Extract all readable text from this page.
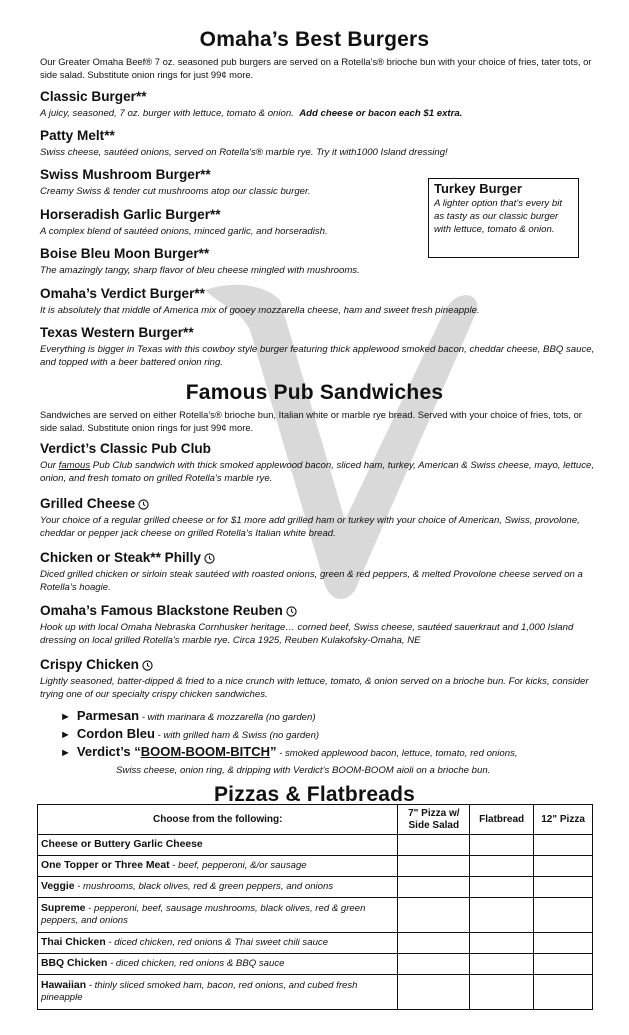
Omaha’s Best Burgers
Our Greater Omaha Beef® 7 oz. seasoned pub burgers are served on a Rotella’s® brioche bun with your choice of fries, tater tots, or side salad. Substitute onion rings for just 99¢ more.
Classic Burger**
A juicy, seasoned, 7 oz. burger with lettuce, tomato & onion. Add cheese or bacon each $1 extra.
Patty Melt**
Swiss cheese, sautéed onions, served on Rotella’s® marble rye. Try it with1000 Island dressing!
Swiss Mushroom Burger**
Creamy Swiss & tender cut mushrooms atop our classic burger.
Horseradish Garlic Burger**
A complex blend of sautéed onions, minced garlic, and horseradish.
Boise Bleu Moon Burger**
The amazingly tangy, sharp flavor of bleu cheese mingled with mushrooms.
Omaha’s Verdict Burger**
It is absolutely that middle of America mix of gooey mozzarella cheese, ham and sweet fresh pineapple.
Texas Western Burger**
Everything is bigger in Texas with this cowboy style burger featuring thick applewood smoked bacon, cheddar cheese, BBQ sauce, and topped with a beer battered onion ring.
Turkey Burger
A lighter option that’s every bit as tasty as our classic burger with lettuce, tomato & onion.
Famous Pub Sandwiches
Sandwiches are served on either Rotella’s® brioche bun, Italian white or marble rye bread. Served with your choice of fries, tots, or side salad. Substitute onion rings for just 99¢ more.
Verdict’s Classic Pub Club
Our famous Pub Club sandwich with thick smoked applewood bacon, sliced ham, turkey, American & Swiss cheese, mayo, lettuce, onion, and fresh tomato on grilled Rotella’s marble rye.
Grilled Cheese
Your choice of a regular grilled cheese or for $1 more add grilled ham or turkey with your choice of American, Swiss, provolone, cheddar or pepper jack cheese on grilled Rotella’s Italian white bread.
Chicken or Steak** Philly
Diced grilled chicken or sirloin steak sautéed with roasted onions, green & red peppers, & melted Provolone cheese served on a Rotella’s hoagie.
Omaha’s Famous Blackstone Reuben
Hook up with local Omaha Nebraska Cornhusker heritage… corned beef, Swiss cheese, sautéed sauerkraut and 1,000 Island dressing on local grilled Rotella’s marble rye. Circa 1925, Reuben Kulakofsky-Omaha, NE
Crispy Chicken
Lightly seasoned, batter-dipped & fried to a nice crunch with lettuce, tomato, & onion served on a brioche bun. For kicks, consider trying one of our specialty crispy chicken sandwiches.
► Parmesan - with marinara & mozzarella (no garden)
► Cordon Bleu - with grilled ham & Swiss (no garden)
► Verdict’s “BOOM-BOOM-BITCH” - smoked applewood bacon, lettuce, tomato, red onions,
Swiss cheese, onion ring, & dripping with Verdict’s BOOM-BOOM aioli on a brioche bun.
Pizzas & Flatbreads
Choose from the following:	7" Pizza w/ Side Salad	Flatbread	12" Pizza
Cheese or Buttery Garlic Cheese			
One Topper or Three Meat - beef, pepperoni, &/or sausage			
Veggie - mushrooms, black olives, red & green peppers, and onions			
Supreme - pepperoni, beef, sausage mushrooms, black olives, red & green peppers, and onions			
Thai Chicken - diced chicken, red onions & Thai sweet chili sauce			
BBQ Chicken - diced chicken, red onions & BBQ sauce			
Hawaiian - thinly sliced smoked ham, bacon, red onions, and cubed fresh pineapple			
